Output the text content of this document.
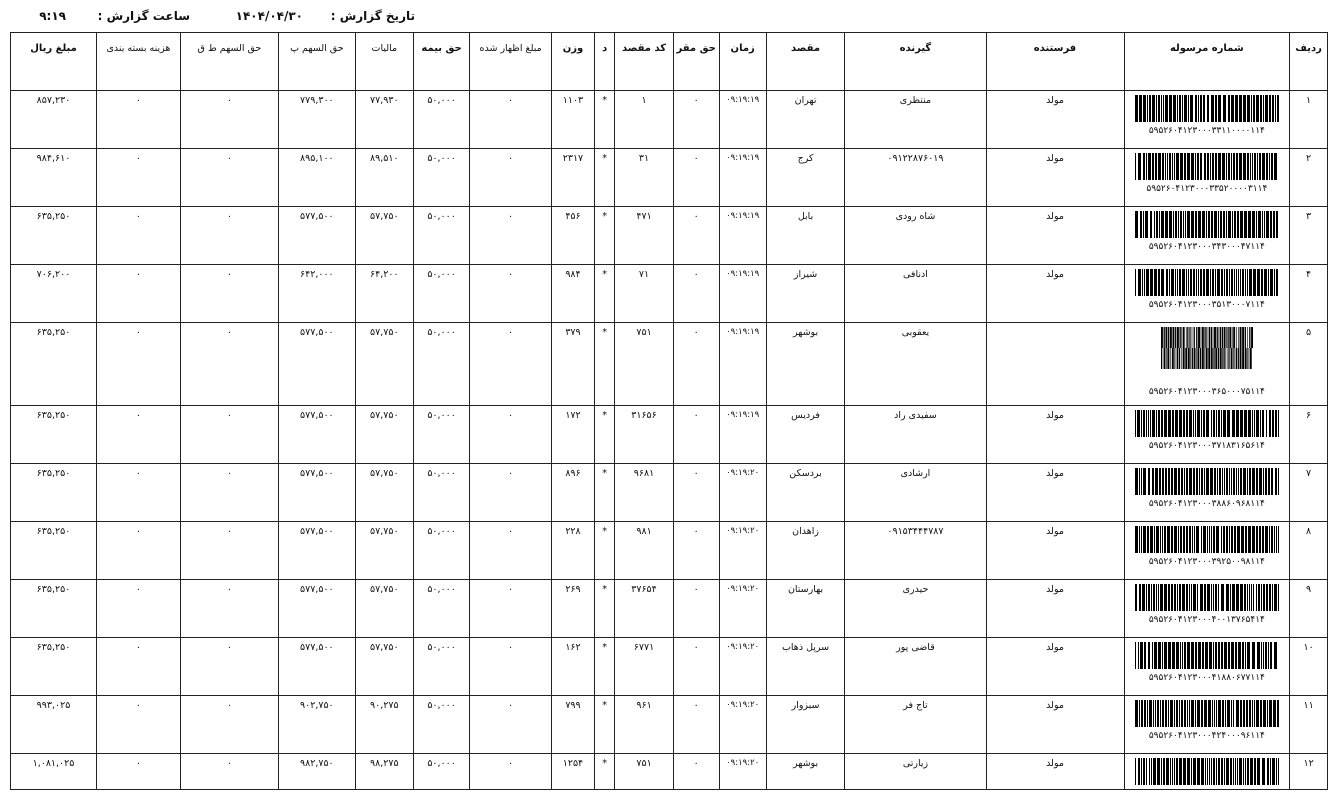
تاریخ گزارش :
۱۴۰۴/۰۴/۳۰
ساعت گزارش :
۹:۱۹
ردیف	شماره مرسوله	فرستنده	گیرنده	مقصد	زمان	حق مقر	کد مقصد	د	وزن	مبلغ اظهار شده	حق بیمه	مالیات	حق السهم پ	حق السهم ط ق	هزینه بسته بندی	مبلغ ریال
۱	۵۹۵۲۶۰۴۱۲۳۰۰۰۳۳۱۱۰۰۰۰۱۱۴	مولد	منتظری	تهران	۰۹:۱۹:۱۹	۰	۱	*	۱۱۰۳	۰	۵۰,۰۰۰	۷۷,۹۳۰	۷۷۹,۳۰۰	۰	۰	۸۵۷,۲۳۰
۲	۵۹۵۲۶۰۴۱۲۳۰۰۰۳۳۵۲۰۰۰۰۳۱۱۴	مولد	۰۹۱۲۲۸۷۶۰۱۹	کرج	۰۹:۱۹:۱۹	۰	۳۱	*	۲۳۱۷	۰	۵۰,۰۰۰	۸۹,۵۱۰	۸۹۵,۱۰۰	۰	۰	۹۸۴,۶۱۰
۳	۵۹۵۲۶۰۴۱۲۳۰۰۰۳۴۳۰۰۰۴۷۱۱۴	مولد	شاه رودی	بابل	۰۹:۱۹:۱۹	۰	۴۷۱	*	۴۵۶	۰	۵۰,۰۰۰	۵۷,۷۵۰	۵۷۷,۵۰۰	۰	۰	۶۳۵,۲۵۰
۴	۵۹۵۲۶۰۴۱۲۳۰۰۰۳۵۱۳۰۰۰۷۱۱۴	مولد	ادنافی	شیراز	۰۹:۱۹:۱۹	۰	۷۱	*	۹۸۴	۰	۵۰,۰۰۰	۶۴,۲۰۰	۶۴۲,۰۰۰	۰	۰	۷۰۶,۲۰۰
۵	۵۹۵۲۶۰۴۱۲۳۰۰۰۳۶۵۰۰۰۷۵۱۱۴		یعقوبی	بوشهر	۰۹:۱۹:۱۹	۰	۷۵۱	*	۳۷۹	۰	۵۰,۰۰۰	۵۷,۷۵۰	۵۷۷,۵۰۰	۰	۰	۶۳۵,۲۵۰
۶	۵۹۵۲۶۰۴۱۲۳۰۰۰۳۷۱۸۳۱۶۵۶۱۴	مولد	سفیدی راد	فردیس	۰۹:۱۹:۱۹	۰	۳۱۶۵۶	*	۱۷۲	۰	۵۰,۰۰۰	۵۷,۷۵۰	۵۷۷,۵۰۰	۰	۰	۶۳۵,۲۵۰
۷	۵۹۵۲۶۰۴۱۲۳۰۰۰۳۸۸۶۰۹۶۸۱۱۴	مولد	ارشادی	بردسکن	۰۹:۱۹:۲۰	۰	۹۶۸۱	*	۸۹۶	۰	۵۰,۰۰۰	۵۷,۷۵۰	۵۷۷,۵۰۰	۰	۰	۶۳۵,۲۵۰
۸	۵۹۵۲۶۰۴۱۲۳۰۰۰۳۹۲۵۰۰۹۸۱۱۴	مولد	۰۹۱۵۳۴۴۴۷۸۷	زاهدان	۰۹:۱۹:۲۰	۰	۹۸۱	*	۲۲۸	۰	۵۰,۰۰۰	۵۷,۷۵۰	۵۷۷,۵۰۰	۰	۰	۶۳۵,۲۵۰
۹	۵۹۵۲۶۰۴۱۲۳۰۰۰۴۰۰۱۳۷۶۵۴۱۴	مولد	حیدری	بهارستان	۰۹:۱۹:۲۰	۰	۳۷۶۵۴	*	۲۶۹	۰	۵۰,۰۰۰	۵۷,۷۵۰	۵۷۷,۵۰۰	۰	۰	۶۳۵,۲۵۰
۱۰	۵۹۵۲۶۰۴۱۲۳۰۰۰۴۱۸۸۰۶۷۷۱۱۴	مولد	قاضی پور	سرپل ذهاب	۰۹:۱۹:۲۰	۰	۶۷۷۱	*	۱۶۲	۰	۵۰,۰۰۰	۵۷,۷۵۰	۵۷۷,۵۰۰	۰	۰	۶۳۵,۲۵۰
۱۱	۵۹۵۲۶۰۴۱۲۳۰۰۰۴۲۴۰۰۰۹۶۱۱۴	مولد	تاج فر	سبزوار	۰۹:۱۹:۲۰	۰	۹۶۱	*	۷۹۹	۰	۵۰,۰۰۰	۹۰,۲۷۵	۹۰۲,۷۵۰	۰	۰	۹۹۳,۰۲۵
۱۲		مولد	زیارتی	بوشهر	۰۹:۱۹:۲۰	۰	۷۵۱	*	۱۲۵۴	۰	۵۰,۰۰۰	۹۸,۲۷۵	۹۸۲,۷۵۰	۰	۰	۱,۰۸۱,۰۲۵
